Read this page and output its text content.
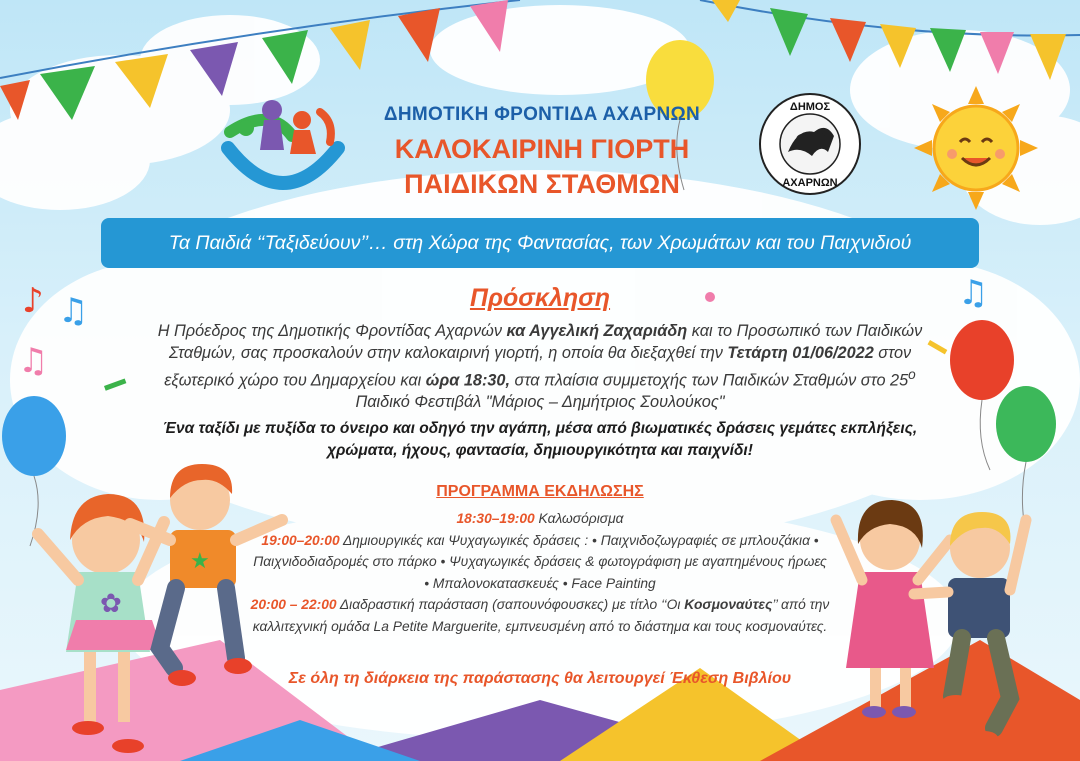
♪ ♫
♫
♫
✿
★
ΔΗΜΟΤΙΚΗ ΦΡΟΝΤΙΔΑ ΑΧΑΡΝΩΝ
ΚΑΛΟΚΑΙΡΙΝΗ ΓΙΟΡΤΗ
ΠΑΙΔΙΚΩΝ ΣΤΑΘΜΩΝ
ΔΗΜΟΣ
ΑΧΑΡΝΩΝ
Τα Παιδιά ‘‘Ταξιδεύουν’’… στη Χώρα της Φαντασίας, των Χρωμάτων και του Παιχνιδιού
Πρόσκληση
Η Πρόεδρος της Δημοτικής Φροντίδας Αχαρνών κα Αγγελική Ζαχαριάδη και το Προσωπικό των Παιδικών Σταθμών, σας προσκαλούν στην καλοκαιρινή γιορτή, η οποία θα διεξαχθεί την Τετάρτη 01/06/2022 στον εξωτερικό χώρο του Δημαρχείου και ώρα 18:30, στα πλαίσια συμμετοχής των Παιδικών Σταθμών στο $25^o$ Παιδικό Φεστιβάλ "Μάριος – Δημήτριος Σουλούκος"
Ένα ταξίδι με πυξίδα το όνειρο και οδηγό την αγάπη, μέσα από βιωματικές δράσεις γεμάτες εκπλήξεις, χρώματα, ήχους, φαντασία, δημιουργικότητα και παιχνίδι!
ΠΡΟΓΡΑΜΜΑ ΕΚΔΗΛΩΣΗΣ
18:30–19:00 Καλωσόρισμα
19:00–20:00 Δημιουργικές και Ψυχαγωγικές δράσεις : • Παιχνιδοζωγραφιές σε μπλουζάκια • Παιχνιδοδιαδρομές στο πάρκο • Ψυχαγωγικές δράσεις & φωτογράφιση με αγαπημένους ήρωες • Μπαλονοκατασκευές • Face Painting
20:00 – 22:00 Διαδραστική παράσταση (σαπουνόφουσκες) με τίτλο ‘‘Οι Κοσμοναύτες’’ από την καλλιτεχνική ομάδα La Petite Marguerite, εμπνευσμένη από το διάστημα και τους κοσμοναύτες.
Σε όλη τη διάρκεια της παράστασης θα λειτουργεί Έκθεση Βιβλίου
